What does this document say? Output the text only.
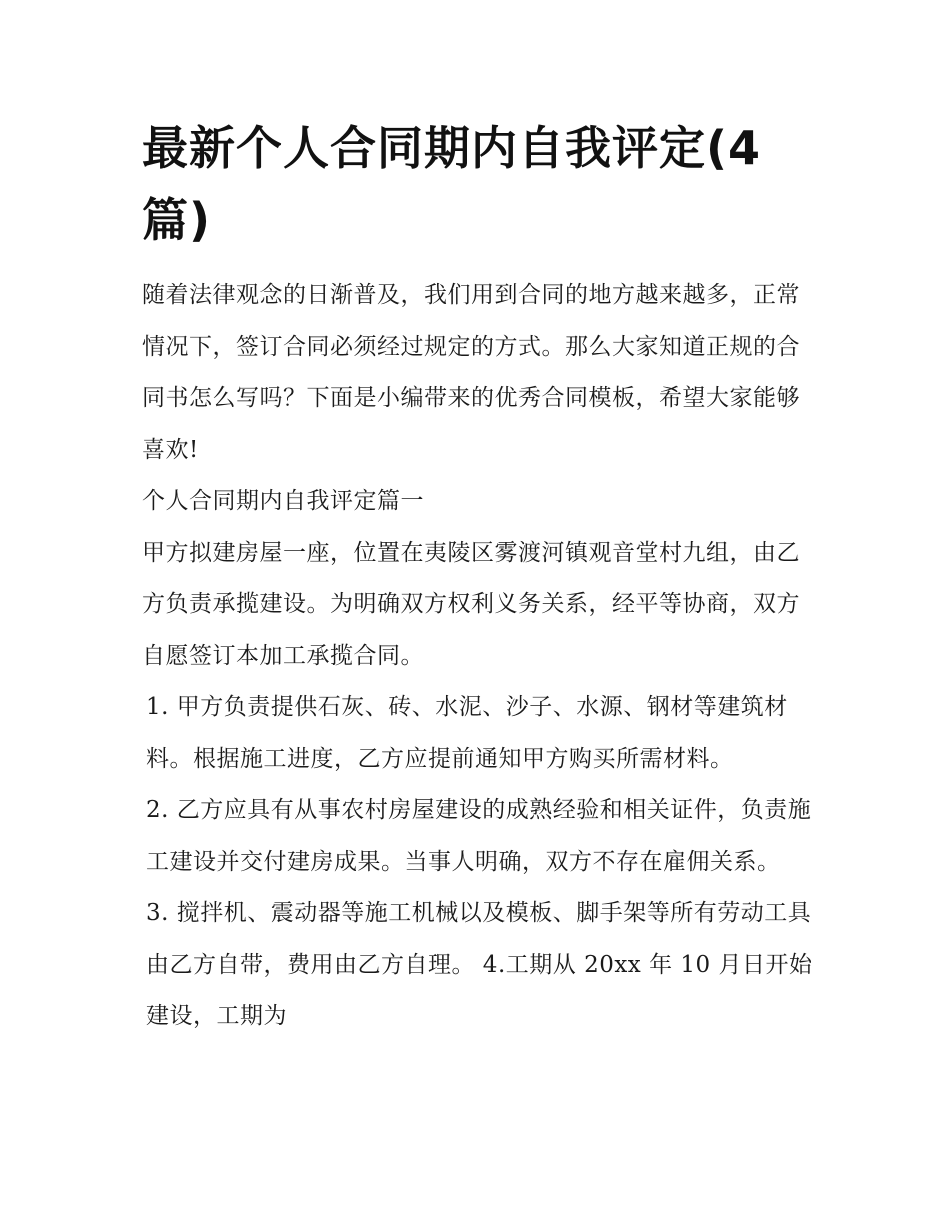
最新个人合同期内自我评定(4篇)

随着法律观念的日渐普及，我们用到合同的地方越来越多，正常情况下，签订合同必须经过规定的方式。那么大家知道正规的合同书怎么写吗？下面是小编带来的优秀合同模板，希望大家能够喜欢!

个人合同期内自我评定篇一

甲方拟建房屋一座，位置在夷陵区雾渡河镇观音堂村九组，由乙方负责承揽建设。为明确双方权利义务关系，经平等协商，双方自愿签订本加工承揽合同。

1. 甲方负责提供石灰、砖、水泥、沙子、水源、钢材等建筑材料。根据施工进度，乙方应提前通知甲方购买所需材料。

2. 乙方应具有从事农村房屋建设的成熟经验和相关证件，负责施工建设并交付建房成果。当事人明确，双方不存在雇佣关系。

3. 搅拌机、震动器等施工机械以及模板、脚手架等所有劳动工具由乙方自带，费用由乙方自理。 4.工期从 20xx 年 10 月日开始建设，工期为
